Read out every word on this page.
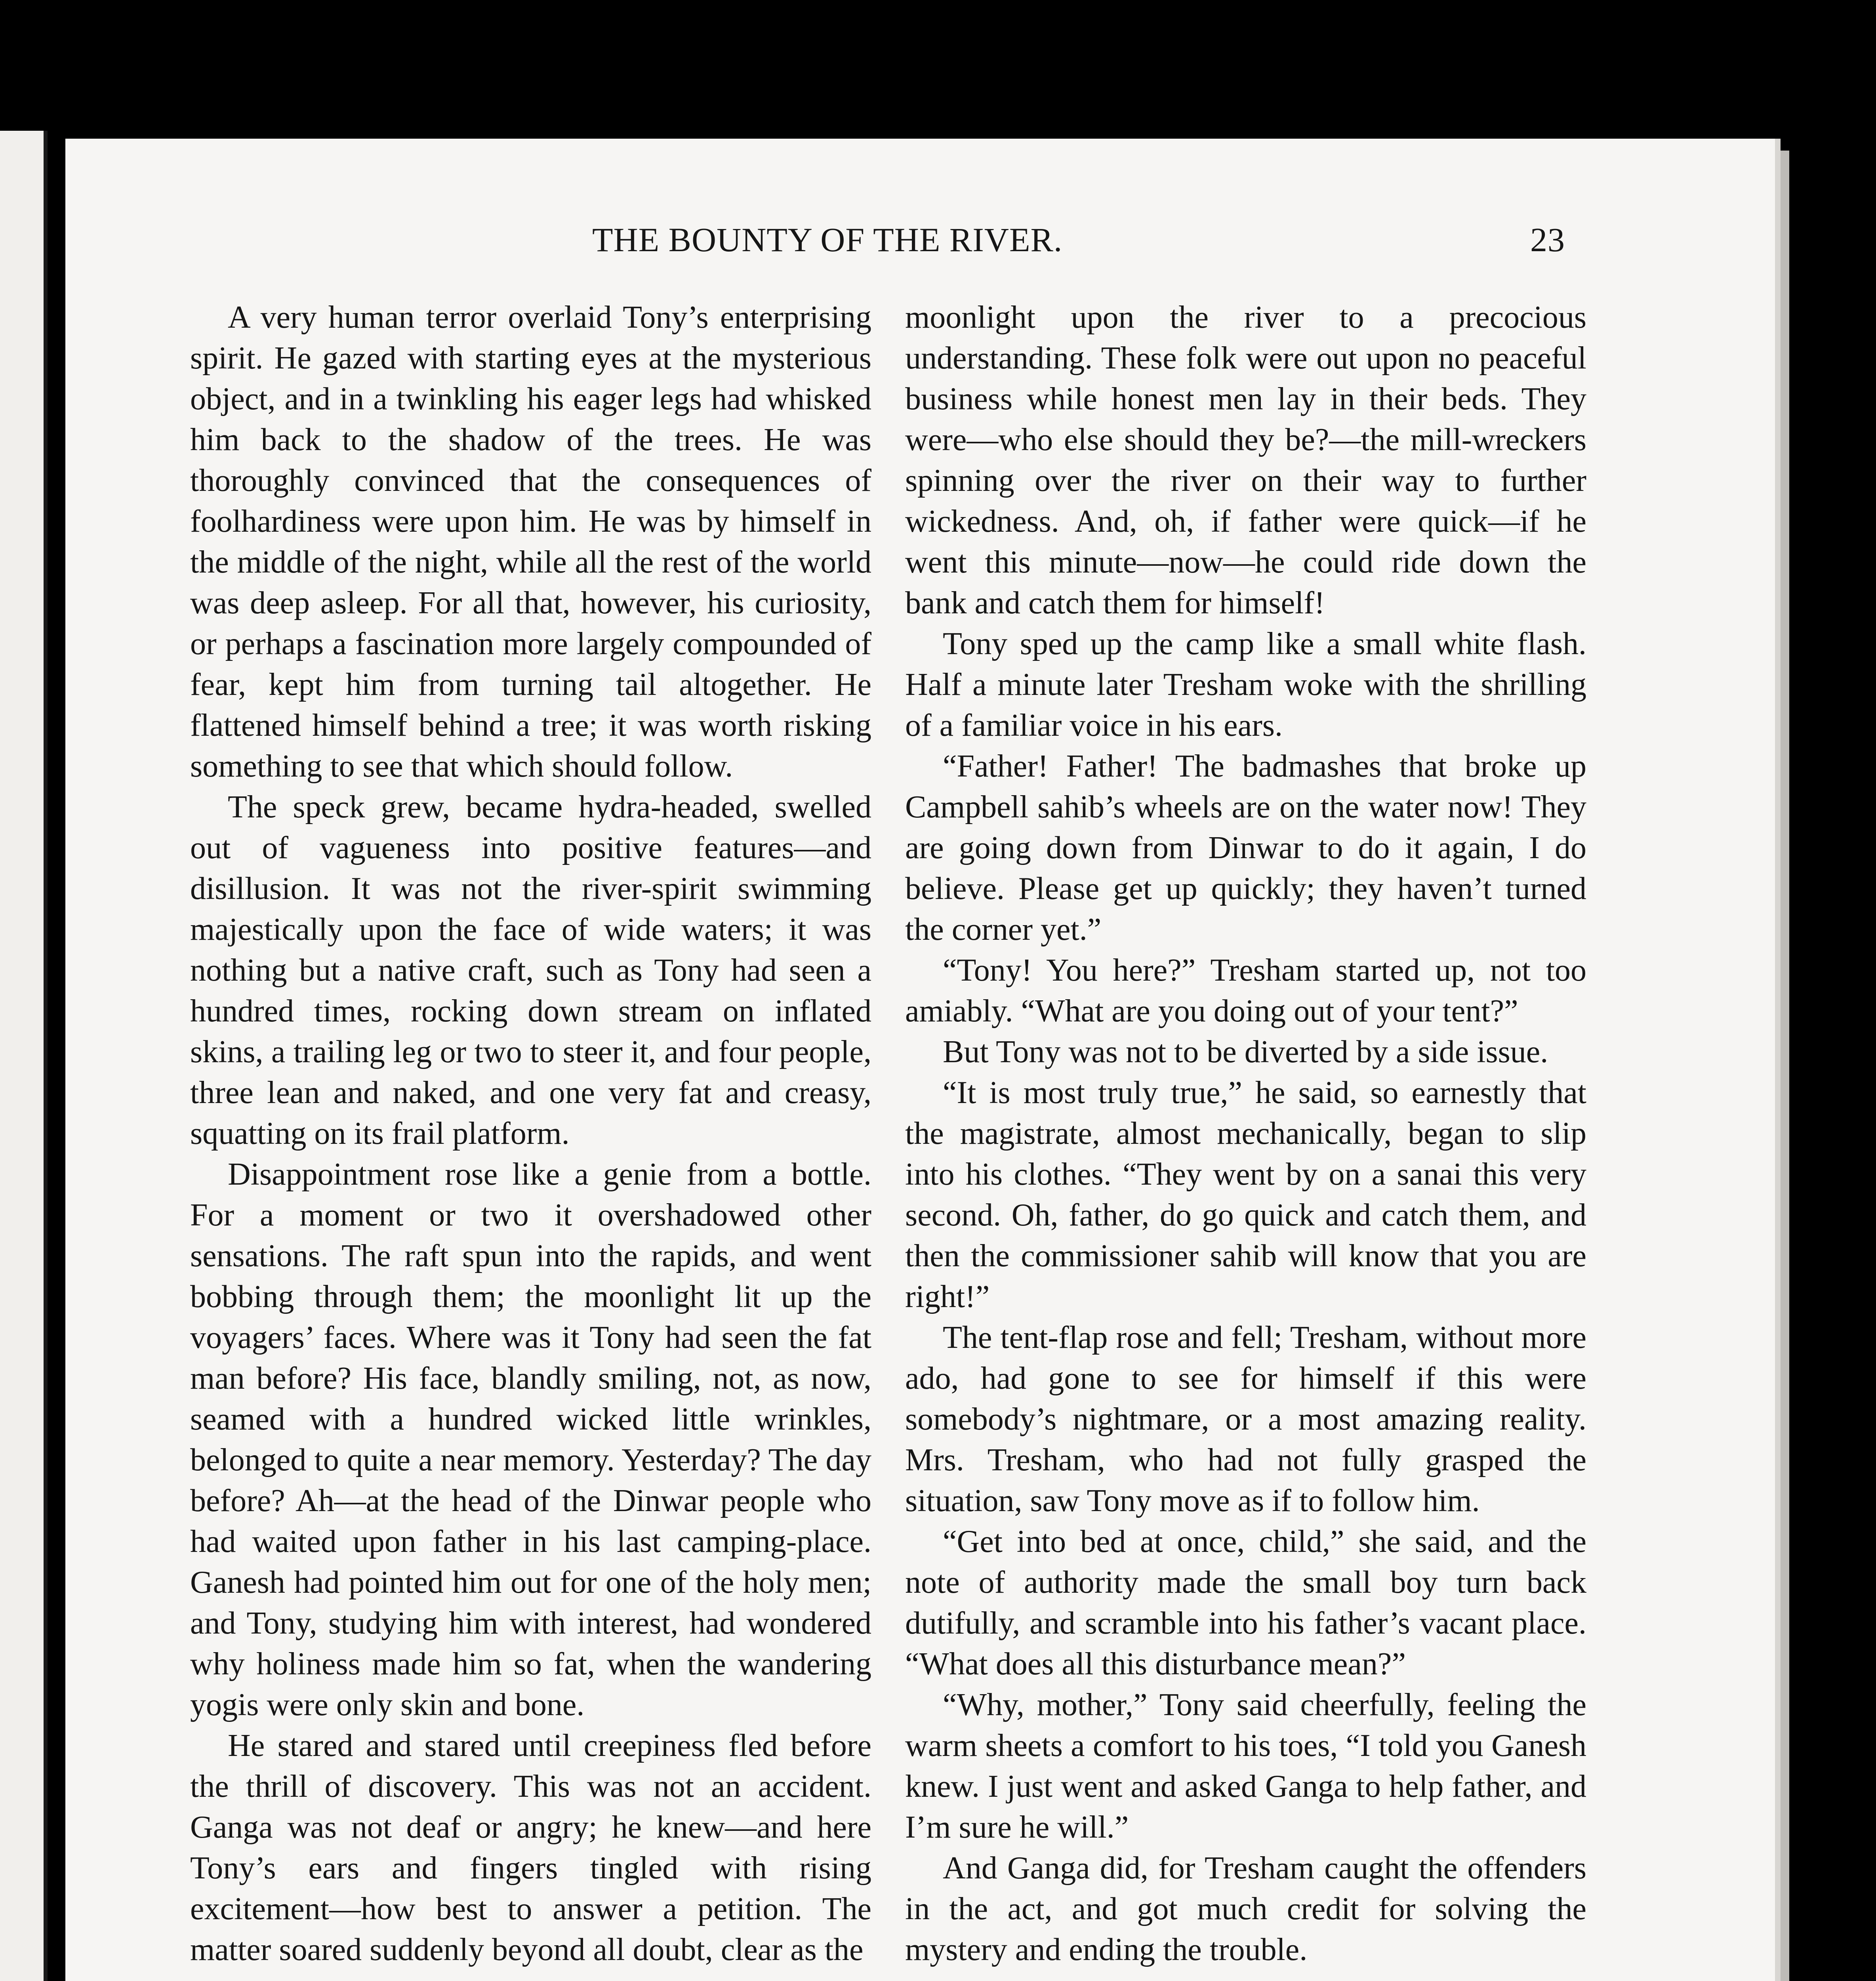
THE BOUNTY OF THE RIVER.	23

A very human terror overlaid Tony’s enterprising spirit. He gazed with starting eyes at the mysterious object, and in a twinkling his eager legs had whisked him back to the shadow of the trees. He was thoroughly convinced that the consequences of foolhardiness were upon him. He was by himself in the middle of the night, while all the rest of the world was deep asleep. For all that, however, his curiosity, or perhaps a fascination more largely compounded of fear, kept him from turning tail altogether. He flattened himself behind a tree; it was worth risking something to see that which should follow.

The speck grew, became hydra-headed, swelled out of vagueness into positive features—and disillusion. It was not the river-spirit swimming majestically upon the face of wide waters; it was nothing but a native craft, such as Tony had seen a hundred times, rocking down stream on inflated skins, a trailing leg or two to steer it, and four people, three lean and naked, and one very fat and creasy, squatting on its frail platform.

Disappointment rose like a genie from a bottle. For a moment or two it overshadowed other sensations. The raft spun into the rapids, and went bobbing through them; the moonlight lit up the voyagers’ faces. Where was it Tony had seen the fat man before? His face, blandly smiling, not, as now, seamed with a hundred wicked little wrinkles, belonged to quite a near memory. Yesterday? The day before? Ah—at the head of the Dinwar people who had waited upon father in his last camping-place. Ganesh had pointed him out for one of the holy men; and Tony, studying him with interest, had wondered why holiness made him so fat, when the wandering yogis were only skin and bone.

He stared and stared until creepiness fled before the thrill of discovery. This was not an accident. Ganga was not deaf or angry; he knew—and here Tony’s ears and fingers tingled with rising excitement—how best to answer a petition. The matter soared suddenly beyond all doubt, clear as the

moonlight upon the river to a precocious understanding. These folk were out upon no peaceful business while honest men lay in their beds. They were—who else should they be?—the mill-wreckers spinning over the river on their way to further wickedness. And, oh, if father were quick—if he went this minute—now—he could ride down the bank and catch them for himself!

Tony sped up the camp like a small white flash. Half a minute later Tresham woke with the shrilling of a familiar voice in his ears.

“Father! Father! The badmashes that broke up Campbell sahib’s wheels are on the water now! They are going down from Dinwar to do it again, I do believe. Please get up quickly; they haven’t turned the corner yet.”

“Tony! You here?” Tresham started up, not too amiably. “What are you doing out of your tent?”

But Tony was not to be diverted by a side issue.

“It is most truly true,” he said, so earnestly that the magistrate, almost mechanically, began to slip into his clothes. “They went by on a sanai this very second. Oh, father, do go quick and catch them, and then the commissioner sahib will know that you are right!”

The tent-flap rose and fell; Tresham, without more ado, had gone to see for himself if this were somebody’s nightmare, or a most amazing reality. Mrs. Tresham, who had not fully grasped the situation, saw Tony move as if to follow him.

“Get into bed at once, child,” she said, and the note of authority made the small boy turn back dutifully, and scramble into his father’s vacant place. “What does all this disturbance mean?”

“Why, mother,” Tony said cheerfully, feeling the warm sheets a comfort to his toes, “I told you Ganesh knew. I just went and asked Ganga to help father, and I’m sure he will.”

And Ganga did, for Tresham caught the offenders in the act, and got much credit for solving the mystery and ending the trouble.
